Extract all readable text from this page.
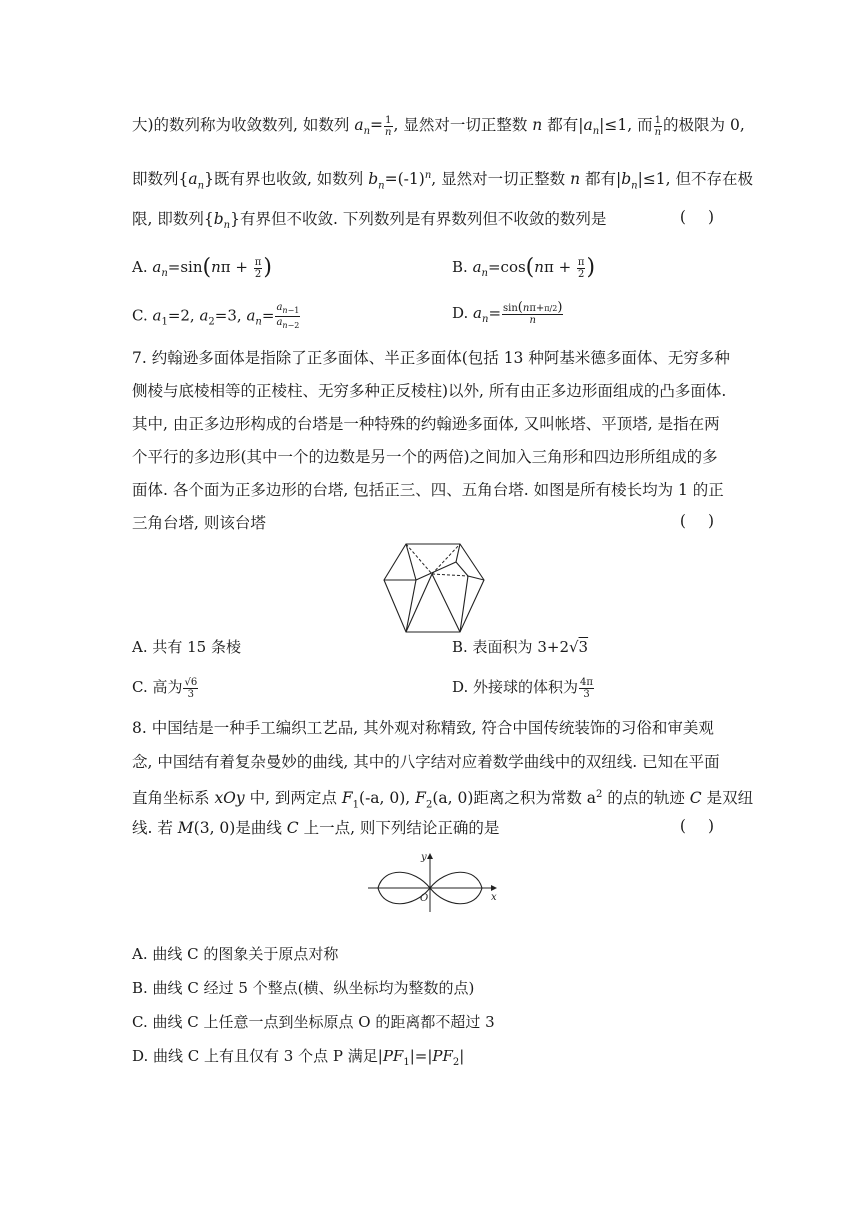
大)的数列称为收敛数列, 如数列 $a_n= \frac{1}{n}$ , 显然对一切正整数 n 都有$|a_n|\le 1$, 而 $\frac{1}{n}$ 的极限为 0,
即数列$\{a_n\}$既有界也收敛, 如数列 $b_n=(-1)^n$, 显然对一切正整数 n 都有$|b_n|\le 1$, 但不存在极
限, 即数列$\{b_n\}$有界但不收敛. 下列数列是有界数列但不收敛的数列是	()
A. $a_n=\sin(n\pi + \frac{\pi}{2}$ )	B. $a_n=\cos(n\pi + \frac{\pi}{2}$ )
C. $a_1=2$, $a_2=3$, $a_n= \frac{a_{n-1}}{a_{n-2}}$	D. $a_n= \frac{\sin(n\pi+\pi/2)}{n}$
7. 约翰逊多面体是指除了正多面体、半正多面体(包括 13 种阿基米德多面体、无穷多种
侧棱与底棱相等的正棱柱、无穷多种正反棱柱)以外, 所有由正多边形面组成的凸多面体.
其中, 由正多边形构成的台塔是一种特殊的约翰逊多面体, 又叫帐塔、平顶塔, 是指在两
个平行的多边形(其中一个的边数是另一个的两倍)之间加入三角形和四边形所组成的多
面体. 各个面为正多边形的台塔, 包括正三、四、五角台塔. 如图是所有棱长均为 1 的正
三角台塔, 则该台塔	()
A. 共有 15 条棱	B. 表面积为 3+2√3
C. 高为 $\frac{√6}{3}$	D. 外接球的体积为 $\frac{4\pi}{3}$
8. 中国结是一种手工编织工艺品, 其外观对称精致, 符合中国传统装饰的习俗和审美观
念, 中国结有着复杂曼妙的曲线, 其中的八字结对应着数学曲线中的双纽线. 已知在平面
直角坐标系 xOy 中, 到两定点 $F_1(-a$, 0), $F_2(a$, 0)距离之积为常数 $a^2$ 的点的轨迹 C 是双纽
线. 若 M(3, 0)是曲线 C 上一点, 则下列结论正确的是	()
y
x
O
A. 曲线 C 的图象关于原点对称
B. 曲线 C 经过 5 个整点(横、纵坐标均为整数的点)
C. 曲线 C 上任意一点到坐标原点 O 的距离都不超过 3
D. 曲线 C 上有且仅有 3 个点 P 满足$|PF_1|=|PF_2|$
